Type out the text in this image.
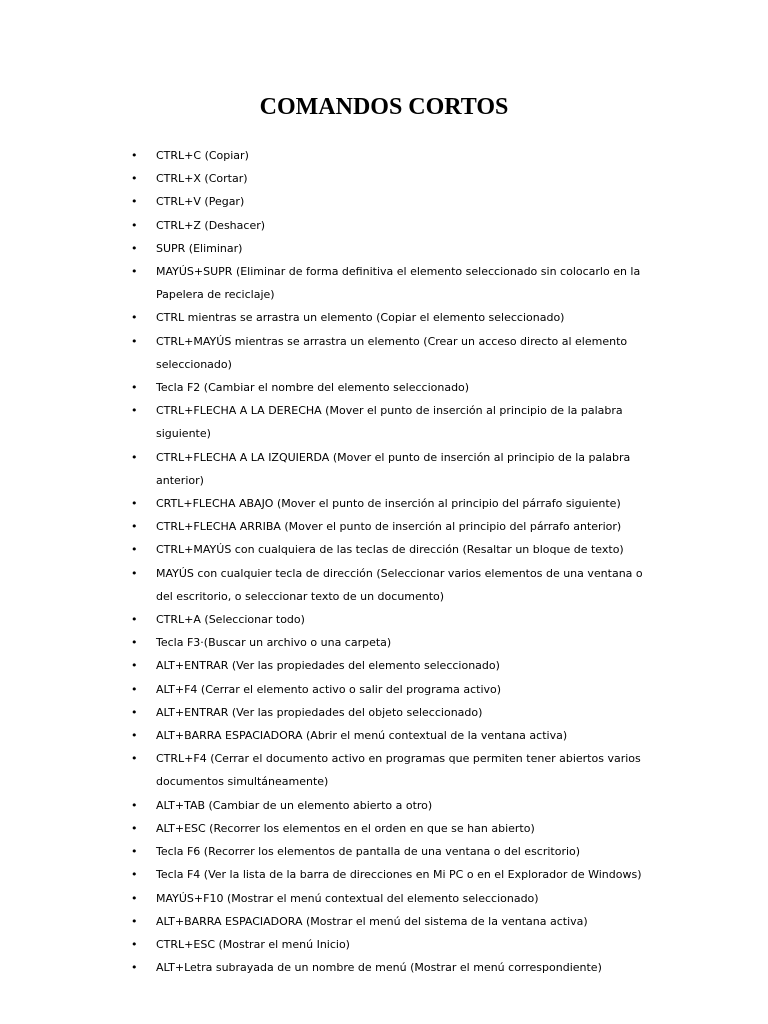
COMANDOS CORTOS
• CTRL+C (Copiar)
• CTRL+X (Cortar)
• CTRL+V (Pegar)
• CTRL+Z (Deshacer)
• SUPR (Eliminar)
• MAYÚS+SUPR (Eliminar de forma definitiva el elemento seleccionado sin colocarlo en la Papelera de reciclaje)
• CTRL mientras se arrastra un elemento (Copiar el elemento seleccionado)
• CTRL+MAYÚS mientras se arrastra un elemento (Crear un acceso directo al elemento seleccionado)
• Tecla F2 (Cambiar el nombre del elemento seleccionado)
• CTRL+FLECHA A LA DERECHA (Mover el punto de inserción al principio de la palabra siguiente)
• CTRL+FLECHA A LA IZQUIERDA (Mover el punto de inserción al principio de la palabra anterior)
• CRTL+FLECHA ABAJO (Mover el punto de inserción al principio del párrafo siguiente)
• CTRL+FLECHA ARRIBA (Mover el punto de inserción al principio del párrafo anterior)
• CTRL+MAYÚS con cualquiera de las teclas de dirección (Resaltar un bloque de texto)
• MAYÚS con cualquier tecla de dirección (Seleccionar varios elementos de una ventana o del escritorio, o seleccionar texto de un documento)
• CTRL+A (Seleccionar todo)
• Tecla F3·(Buscar un archivo o una carpeta)
• ALT+ENTRAR (Ver las propiedades del elemento seleccionado)
• ALT+F4 (Cerrar el elemento activo o salir del programa activo)
• ALT+ENTRAR (Ver las propiedades del objeto seleccionado)
• ALT+BARRA ESPACIADORA (Abrir el menú contextual de la ventana activa)
• CTRL+F4 (Cerrar el documento activo en programas que permiten tener abiertos varios documentos simultáneamente)
• ALT+TAB (Cambiar de un elemento abierto a otro)
• ALT+ESC (Recorrer los elementos en el orden en que se han abierto)
• Tecla F6 (Recorrer los elementos de pantalla de una ventana o del escritorio)
• Tecla F4 (Ver la lista de la barra de direcciones en Mi PC o en el Explorador de Windows)
• MAYÚS+F10 (Mostrar el menú contextual del elemento seleccionado)
• ALT+BARRA ESPACIADORA (Mostrar el menú del sistema de la ventana activa)
• CTRL+ESC (Mostrar el menú Inicio)
• ALT+Letra subrayada de un nombre de menú (Mostrar el menú correspondiente)
